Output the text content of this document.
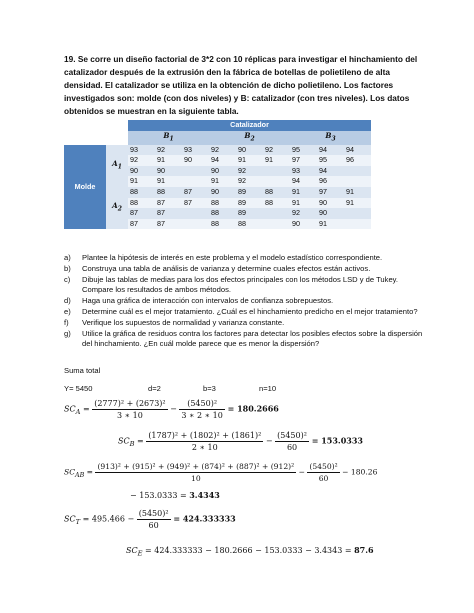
19. Se corre un diseño factorial de 3*2 con 10 réplicas para investigar el hinchamiento del catalizador después de la extrusión den la fábrica de botellas de polietileno de alta densidad. El catalizador se utiliza en la obtención de dicho polietileno. Los factores investigados son: molde (con dos niveles) y B: catalizador (con tres niveles). Los datos obtenidos se muestran en la siguiente tabla.
		Catalizador								
		$B_1$			$B_2$			$B_3$
Molde	$A_1$	93	92	93	92	90	92	95	94	94
		92	91	90	94	91	91	97	95	96
		90	90		90	92		93	94	
		91	91		91	92		94	96	
	$A_2$	88	88	87	90	89	88	91	97	91
		88	87	87	88	89	88	91	90	91
		87	87		88	89		92	90	
		87	87		88	88		90	91	
a) Plantee la hipótesis de interés en este problema y el modelo estadístico correspondiente.
b) Construya una tabla de análisis de varianza y determine cuales efectos están activos.
c) Dibuje las tablas de medias para los dos efectos principales con los métodos LSD y de Tukey. Compare los resultados de ambos métodos.
d) Haga una gráfica de interacción con intervalos de confianza sobrepuestos.
e) Determine cuál es el mejor tratamiento. ¿Cuál es el hinchamiento predicho en el mejor tratamiento?
f) Verifique los supuestos de normalidad y varianza constante.
g) Utilice la gráfica de residuos contra los factores para detectar los posibles efectos sobre la dispersión del hinchamiento. ¿En cuál molde parece que es menor la dispersión?
Suma total
Y= 5450	d=2	b=3	n=10
$SC_A = \frac{\text{(2777)² + (2673)²}}{3 ∗ 10} - \frac{\text{(5450)²}}{3 ∗ 2 ∗ 10} = 180.2666$
$SC_B = \frac{\text{(1787)² + (1802)² + (1861)²}}{2 ∗ 10} - \frac{\text{(5450)²}}{60} = 153.0333$
$SC_{AB} = \frac{\text{(913)² + (915)² + (949)² + (874)² + (887)² + (912)²}}{10} - \frac{\text{(5450)²}}{60} - 180.26$
− 153.0333 = 3.4343
$SC_T = 495.466 - \frac{\text{(5450)²}}{60} = 424.333333$
$SC_E = 424.333333 - 180.2666 - 153.0333 - 3.4343 = 87.6$
